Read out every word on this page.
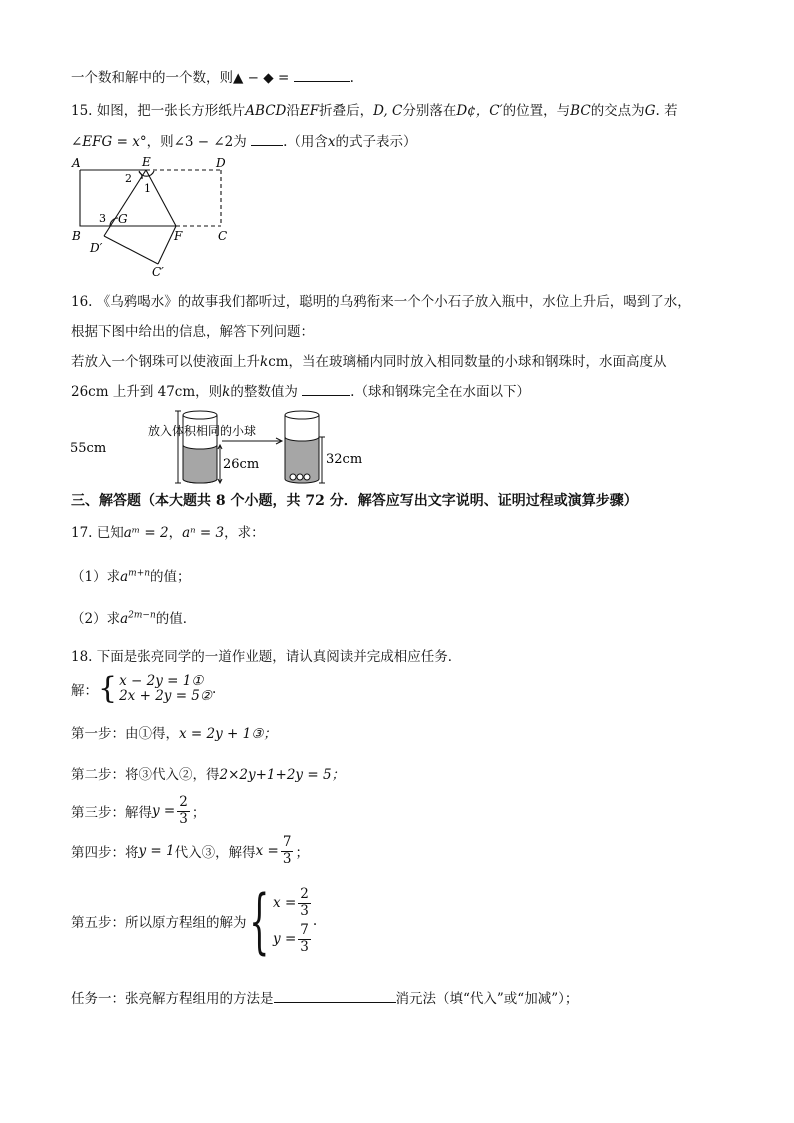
一个数和解中的一个数，则▲ − ◆ =	.
15. 如图，把一张长方形纸片ABCD沿EF折叠后，D, C分别落在D¢，C′的位置，与BC的交点为G. 若
∠EFG = x°，则∠3 − ∠2为	.（用含x的式子表示）
A	E	D
B
G
F	C
D′
C′
1
2
3
16. 《乌鸦喝水》的故事我们都听过，聪明的乌鸦衔来一个个小石子放入瓶中，水位上升后，喝到了水，
根据下图中给出的信息，解答下列问题：
若放入一个钢珠可以使液面上升kcm，当在玻璃桶内同时放入相同数量的小球和钢珠时，水面高度从
26cm 上升到 47cm，则k的整数值为	.（球和钢珠完全在水面以下）
55cm
放入体积相同的小球
26cm	32cm
三、解答题（本大题共 8 个小题，共 72 分．解答应写出文字说明、证明过程或演算步骤）
17. 已知aᵐ = 2，aⁿ = 3，求：
（1）求$a^{m+n}$的值；
（2）求$a^{2m-n}$的值．
18. 下面是张亮同学的一道作业题，请认真阅读并完成相应任务．
解： { x − 2y = 1①
2x + 2y = 5② .
第一步：由①得，x = 2y + 1③；
第二步：将③代入②，得2×2y+1+2y = 5；
第三步：解得 $y = \frac{2}{3}$ ；
第四步：将 y = 1 代入③，解得 $x = \frac{7}{3}$ ；
第五步：所以原方程组的解为 { $x = \frac{2}{3}$
$y = \frac{7}{3}$
.
任务一：张亮解方程组用的方法是	消元法（填“代入”或“加减”）；
